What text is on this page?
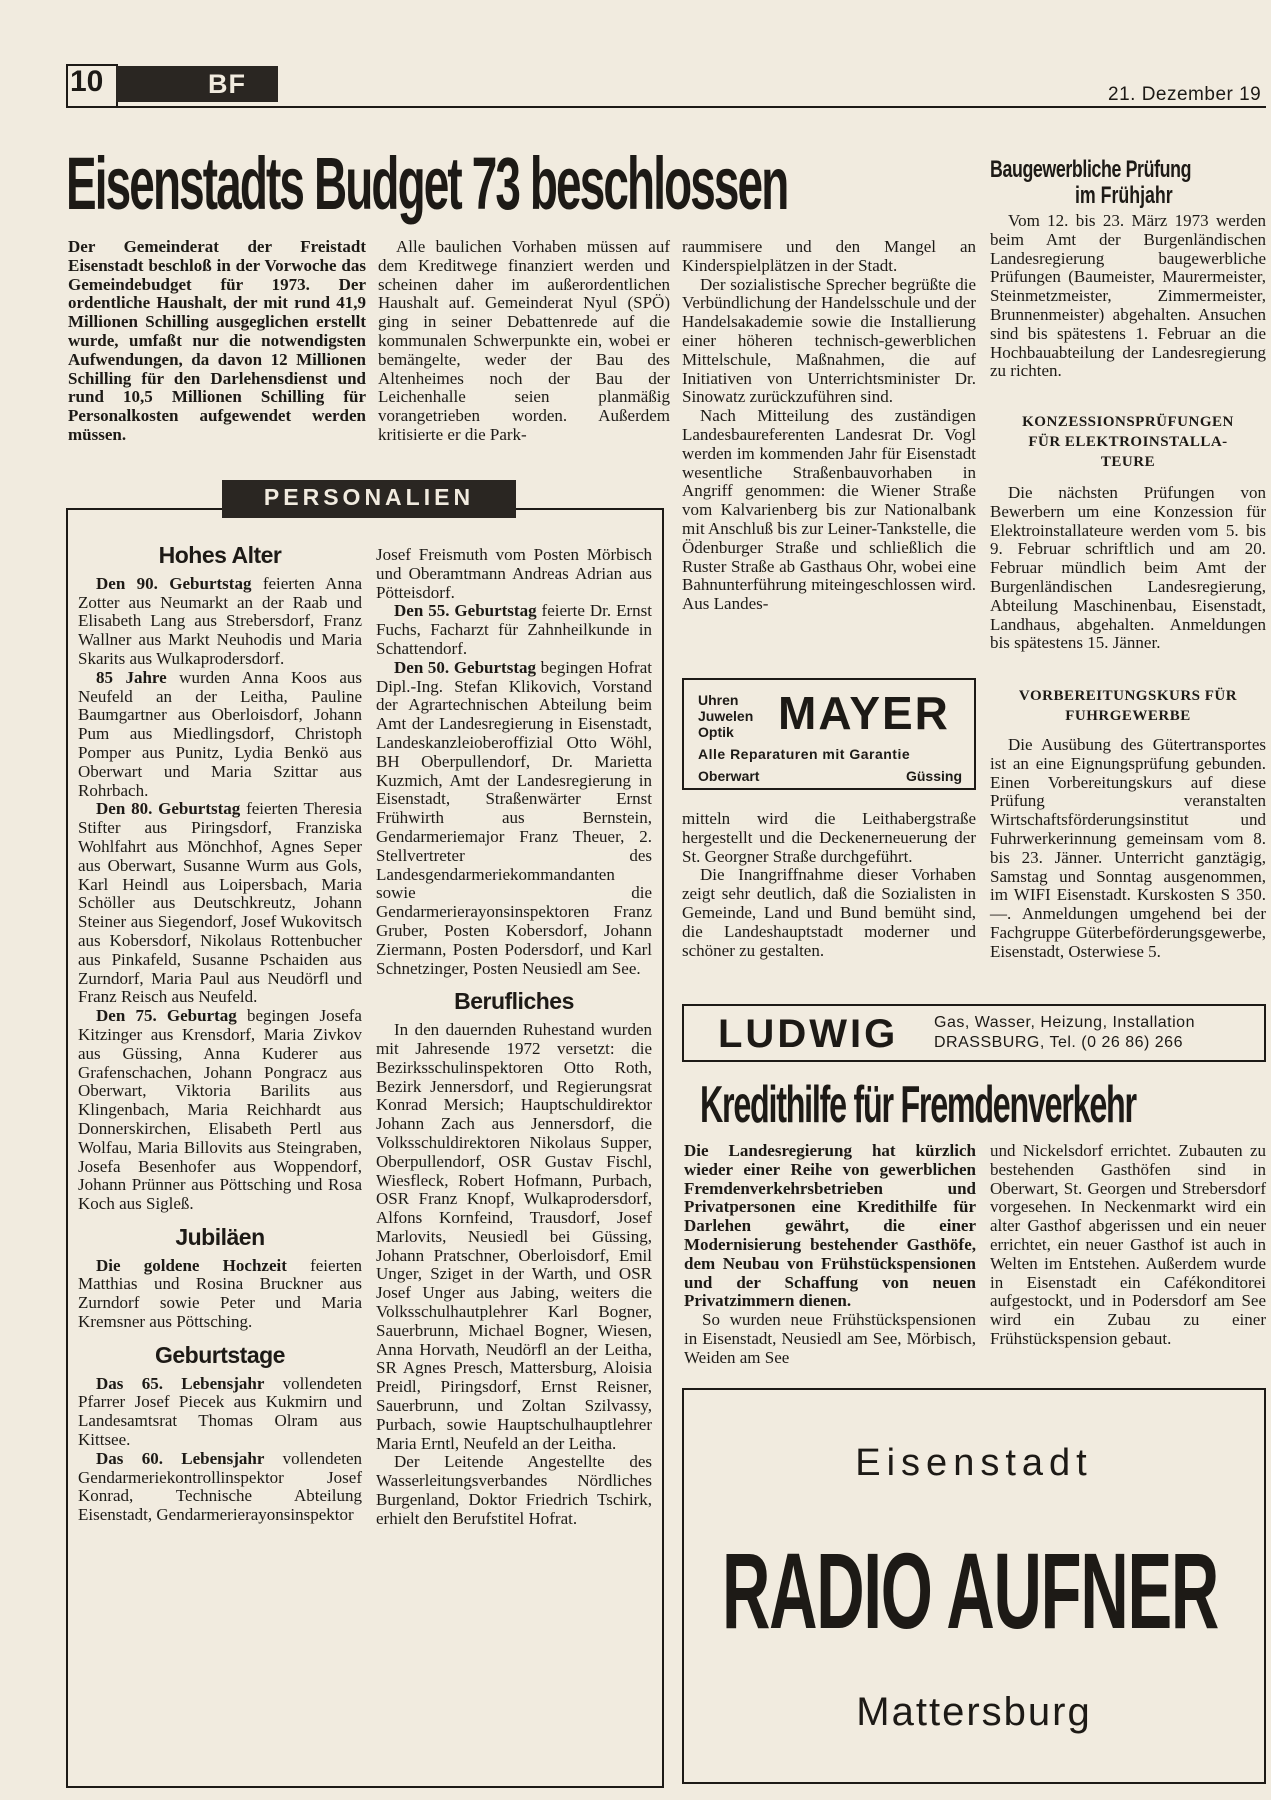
10	BF	21. Dezember 19
Eisenstadts Budget 73 beschlossen

Der Gemeinderat der Freistadt Eisenstadt beschloß in der Vorwoche das Gemeindebudget für 1973. Der ordentliche Haushalt, der mit rund 41,9 Millionen Schilling ausgeglichen erstellt wurde, umfaßt nur die notwendigsten Aufwendungen, da davon 12 Millionen Schilling für den Darlehensdienst und rund 10,5 Millionen Schilling für Personalkosten aufgewendet werden müssen.

Alle baulichen Vorhaben müssen auf dem Kreditwege finanziert werden und scheinen daher im außerordentlichen Haushalt auf. Gemeinderat Nyul (SPÖ) ging in seiner Debattenrede auf die kommunalen Schwerpunkte ein, wobei er bemängelte, weder der Bau des Altenheimes noch der Bau der Leichenhalle seien planmäßig vorangetrieben worden. Außerdem kritisierte er die Park-

raummisere und den Mangel an Kinderspielplätzen in der Stadt.

Der sozialistische Sprecher begrüßte die Verbündlichung der Handelsschule und der Handelsakademie sowie die Installierung einer höheren technisch-gewerblichen Mittelschule, Maßnahmen, die auf Initiativen von Unterrichtsminister Dr. Sinowatz zurückzuführen sind.

Nach Mitteilung des zuständigen Landesbaureferenten Landesrat Dr. Vogl werden im kommenden Jahr für Eisenstadt wesentliche Straßenbauvorhaben in Angriff genommen: die Wiener Straße vom Kalvarienberg bis zur Nationalbank mit Anschluß bis zur Leiner-Tankstelle, die Ödenburger Straße und schließlich die Ruster Straße ab Gasthaus Ohr, wobei eine Bahnunterführung miteingeschlossen wird. Aus Landes-

Uhren
Juwelen
Optik MAYER
Alle Reparaturen mit Garantie
Oberwart	Güssing

mitteln wird die Leithabergstraße hergestellt und die Deckenerneuerung der St. Georgner Straße durchgeführt.

Die Inangriffnahme dieser Vorhaben zeigt sehr deutlich, daß die Sozialisten in Gemeinde, Land und Bund bemüht sind, die Landeshauptstadt moderner und schöner zu gestalten.

Baugewerbliche Prüfung
im Frühjahr

Vom 12. bis 23. März 1973 werden beim Amt der Burgenländischen Landesregierung baugewerbliche Prüfungen (Baumeister, Maurermeister, Steinmetzmeister, Zimmermeister, Brunnenmeister) abgehalten. Ansuchen sind bis spätestens 1. Februar an die Hochbauabteilung der Landesregierung zu richten.

KONZESSIONSPRÜFUNGEN
FÜR ELEKTROINSTALLA-
TEURE

Die nächsten Prüfungen von Bewerbern um eine Konzession für Elektroinstallateure werden vom 5. bis 9. Februar schriftlich und am 20. Februar mündlich beim Amt der Burgenländischen Landesregierung, Abteilung Maschinenbau, Eisenstadt, Landhaus, abgehalten. Anmeldungen bis spätestens 15. Jänner.

VORBEREITUNGSKURS FÜR
FUHRGEWERBE

Die Ausübung des Gütertransportes ist an eine Eignungsprüfung gebunden. Einen Vorbereitungskurs auf diese Prüfung veranstalten Wirtschaftsförderungsinstitut und Fuhrwerkerinnung gemeinsam vom 8. bis 23. Jänner. Unterricht ganztägig, Samstag und Sonntag ausgenommen, im WIFI Eisenstadt. Kurskosten S 350.—. Anmeldungen umgehend bei der Fachgruppe Güterbeförderungsgewerbe, Eisenstadt, Osterwiese 5.

PERSONALIEN
Hohes Alter

Den 90. Geburtstag feierten Anna Zotter aus Neumarkt an der Raab und Elisabeth Lang aus Strebersdorf, Franz Wallner aus Markt Neuhodis und Maria Skarits aus Wulkaprodersdorf.

85 Jahre wurden Anna Koos aus Neufeld an der Leitha, Pauline Baumgartner aus Oberloisdorf, Johann Pum aus Miedlingsdorf, Christoph Pomper aus Punitz, Lydia Benkö aus Oberwart und Maria Szittar aus Rohrbach.

Den 80. Geburtstag feierten Theresia Stifter aus Piringsdorf, Franziska Wohlfahrt aus Mönchhof, Agnes Seper aus Oberwart, Susanne Wurm aus Gols, Karl Heindl aus Loipersbach, Maria Schöller aus Deutschkreutz, Johann Steiner aus Siegendorf, Josef Wukovitsch aus Kobersdorf, Nikolaus Rottenbucher aus Pinkafeld, Susanne Pschaiden aus Zurndorf, Maria Paul aus Neudörfl und Franz Reisch aus Neufeld.

Den 75. Geburtag begingen Josefa Kitzinger aus Krensdorf, Maria Zivkov aus Güssing, Anna Kuderer aus Grafenschachen, Johann Pongracz aus Oberwart, Viktoria Barilits aus Klingenbach, Maria Reichhardt aus Donnerskirchen, Elisabeth Pertl aus Wolfau, Maria Billovits aus Steingraben, Josefa Besenhofer aus Woppendorf, Johann Prünner aus Pöttsching und Rosa Koch aus Sigleß.

Jubiläen

Die goldene Hochzeit feierten Matthias und Rosina Bruckner aus Zurndorf sowie Peter und Maria Kremsner aus Pöttsching.

Geburtstage

Das 65. Lebensjahr vollendeten Pfarrer Josef Piecek aus Kukmirn und Landesamtsrat Thomas Olram aus Kittsee.

Das 60. Lebensjahr vollendeten Gendarmeriekontrollinspektor Josef Konrad, Technische Abteilung Eisenstadt, Gendarmerierayonsinspektor

Josef Freismuth vom Posten Mörbisch und Oberamtmann Andreas Adrian aus Pötteisdorf.

Den 55. Geburtstag feierte Dr. Ernst Fuchs, Facharzt für Zahnheilkunde in Schattendorf.

Den 50. Geburtstag begingen Hofrat Dipl.-Ing. Stefan Klikovich, Vorstand der Agrartechnischen Abteilung beim Amt der Landesregierung in Eisenstadt, Landeskanzleioberoffizial Otto Wöhl, BH Oberpullendorf, Dr. Marietta Kuzmich, Amt der Landesregierung in Eisenstadt, Straßenwärter Ernst Frühwirth aus Bernstein, Gendarmeriemajor Franz Theuer, 2. Stellvertreter des Landesgendarmeriekommandanten sowie die Gendarmerierayonsinspektoren Franz Gruber, Posten Kobersdorf, Johann Ziermann, Posten Podersdorf, und Karl Schnetzinger, Posten Neusiedl am See.

Berufliches

In den dauernden Ruhestand wurden mit Jahresende 1972 versetzt: die Bezirksschulinspektoren Otto Roth, Bezirk Jennersdorf, und Regierungsrat Konrad Mersich; Hauptschuldirektor Johann Zach aus Jennersdorf, die Volksschuldirektoren Nikolaus Supper, Oberpullendorf, OSR Gustav Fischl, Wiesfleck, Robert Hofmann, Purbach, OSR Franz Knopf, Wulkaprodersdorf, Alfons Kornfeind, Trausdorf, Josef Marlovits, Neusiedl bei Güssing, Johann Pratschner, Oberloisdorf, Emil Unger, Sziget in der Warth, und OSR Josef Unger aus Jabing, weiters die Volksschulhautplehrer Karl Bogner, Sauerbrunn, Michael Bogner, Wiesen, Anna Horvath, Neudörfl an der Leitha, SR Agnes Presch, Mattersburg, Aloisia Preidl, Piringsdorf, Ernst Reisner, Sauerbrunn, und Zoltan Szilvassy, Purbach, sowie Hauptschulhauptlehrer Maria Erntl, Neufeld an der Leitha.

Der Leitende Angestellte des Wasserleitungsverbandes Nördliches Burgenland, Doktor Friedrich Tschirk, erhielt den Berufstitel Hofrat.

LUDWIG Gas, Wasser, Heizung, Installation
DRASSBURG, Tel. (0 26 86) 266
Kredithilfe für Fremdenverkehr

Die Landesregierung hat kürzlich wieder einer Reihe von gewerblichen Fremdenverkehrsbetrieben und Privatpersonen eine Kredithilfe für Darlehen gewährt, die einer Modernisierung bestehender Gasthöfe, dem Neubau von Frühstückspensionen und der Schaffung von neuen Privatzimmern dienen.

So wurden neue Frühstückspensionen in Eisenstadt, Neusiedl am See, Mörbisch, Weiden am See

und Nickelsdorf errichtet. Zubauten zu bestehenden Gasthöfen sind in Oberwart, St. Georgen und Strebersdorf vorgesehen. In Neckenmarkt wird ein alter Gasthof abgerissen und ein neuer errichtet, ein neuer Gasthof ist auch in Welten im Entstehen. Außerdem wurde in Eisenstadt ein Cafékonditorei aufgestockt, und in Podersdorf am See wird ein Zubau zu einer Frühstückspension gebaut.

Eisenstadt
RADIO AUFNER
Mattersburg
